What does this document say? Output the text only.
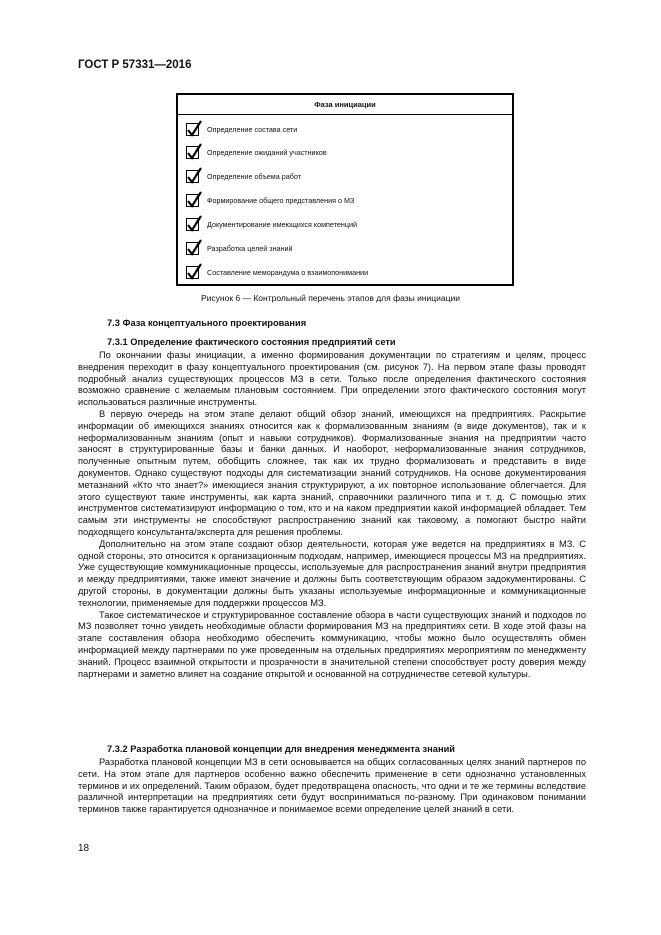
ГОСТ Р 57331—2016
Фаза инициации
Определение состава сети
Определение ожиданий участников
Определение объема работ
Формирование общего представления о МЗ
Документирование имеющихся компетенций
Разработка целей знаний
Составление меморандума о взаимопонимании
Рисунок 6 — Контрольный перечень этапов для фазы инициации
7.3 Фаза концептуального проектирования
7.3.1 Определение фактического состояния предприятий сети

По окончании фазы инициации, а именно формирования документации по стратегиям и целям, процесс внедрения переходит в фазу концептуального проектирования (см. рисунок 7). На первом этапе фазы проводят подробный анализ существующих процессов МЗ в сети. Только после определения фактического состояния возможно сравнение с желаемым плановым состоянием. При определении этого фактического состояния могут использоваться различные инструменты.

В первую очередь на этом этапе делают общий обзор знаний, имеющихся на предприятиях. Раскрытие информации об имеющихся знаниях относится как к формализованным знаниям (в виде документов), так и к неформализованным знаниям (опыт и навыки сотрудников). Формализованные знания на предприятии часто заносят в структурированные базы и банки данных. И наоборот, неформализованные знания сотрудников, полученные опытным путем, обобщить сложнее, так как их трудно формализовать и представить в виде документов. Однако существуют подходы для систематизации знаний сотрудников. На основе документирования метазнаний «Кто что знает?» имеющиеся знания структурируют, а их повторное использование облегчается. Для этого существуют такие инструменты, как карта знаний, справочники различного типа и т. д. С помощью этих инструментов систематизируют информацию о том, кто и на каком предприятии какой информацией обладает. Тем самым эти инструменты не способствуют распространению знаний как таковому, а помогают быстро найти подходящего консультанта/эксперта для решения проблемы.

Дополнительно на этом этапе создают обзор деятельности, которая уже ведется на предприятиях в МЗ. С одной стороны, это относится к организационным подходам, например, имеющиеся процессы МЗ на предприятиях. Уже существующие коммуникационные процессы, используемые для распространения знаний внутри предприятия и между предприятиями, также имеют значение и должны быть соответствующим образом задокументированы. С другой стороны, в документации должны быть указаны используемые информационные и коммуникационные технологии, применяемые для поддержки процессов МЗ.

Такое систематическое и структурированное составление обзора в части существующих знаний и подходов по МЗ позволяет точно увидеть необходимые области формирования МЗ на предприятиях сети. В ходе этой фазы на этапе составления обзора необходимо обеспечить коммуникацию, чтобы можно было осуществлять обмен информацией между партнерами по уже проведенным на отдельных предприятиях мероприятиям по менеджменту знаний. Процесс взаимной открытости и прозрачности в значительной степени способствует росту доверия между партнерами и заметно влияет на создание открытой и основанной на сотрудничестве сетевой культуры.

7.3.2 Разработка плановой концепции для внедрения менеджмента знаний

Разработка плановой концепции МЗ в сети основывается на общих согласованных целях знаний партнеров по сети. На этом этапе для партнеров особенно важно обеспечить применение в сети однозначно установленных терминов и их определений. Таким образом, будет предотвращена опасность, что одни и те же термины вследствие различной интерпретации на предприятиях сети будут восприниматься по-разному. При одинаковом понимании терминов также гарантируется однозначное и понимаемое всеми определение целей знаний в сети.

18
